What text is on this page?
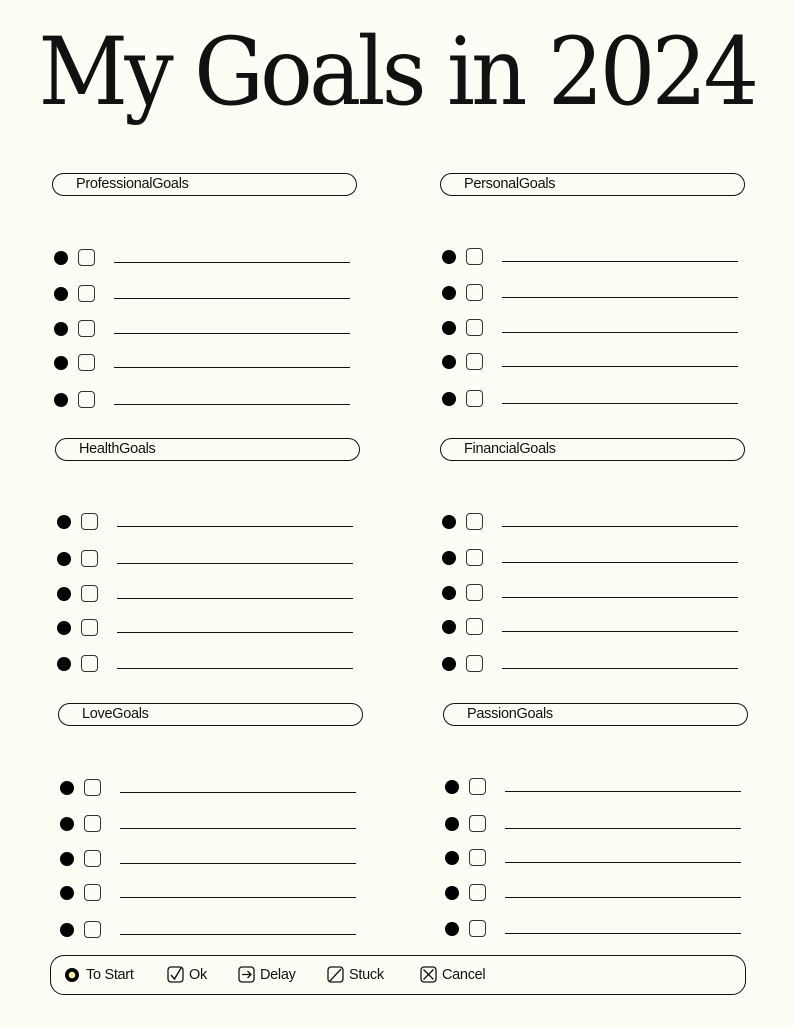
My Goals in 2024
ProfessionalGoals	PersonalGoals
HealthGoals	FinancialGoals
LoveGoals	PassionGoals
To Start	Ok	Delay	Stuck	Cancel
